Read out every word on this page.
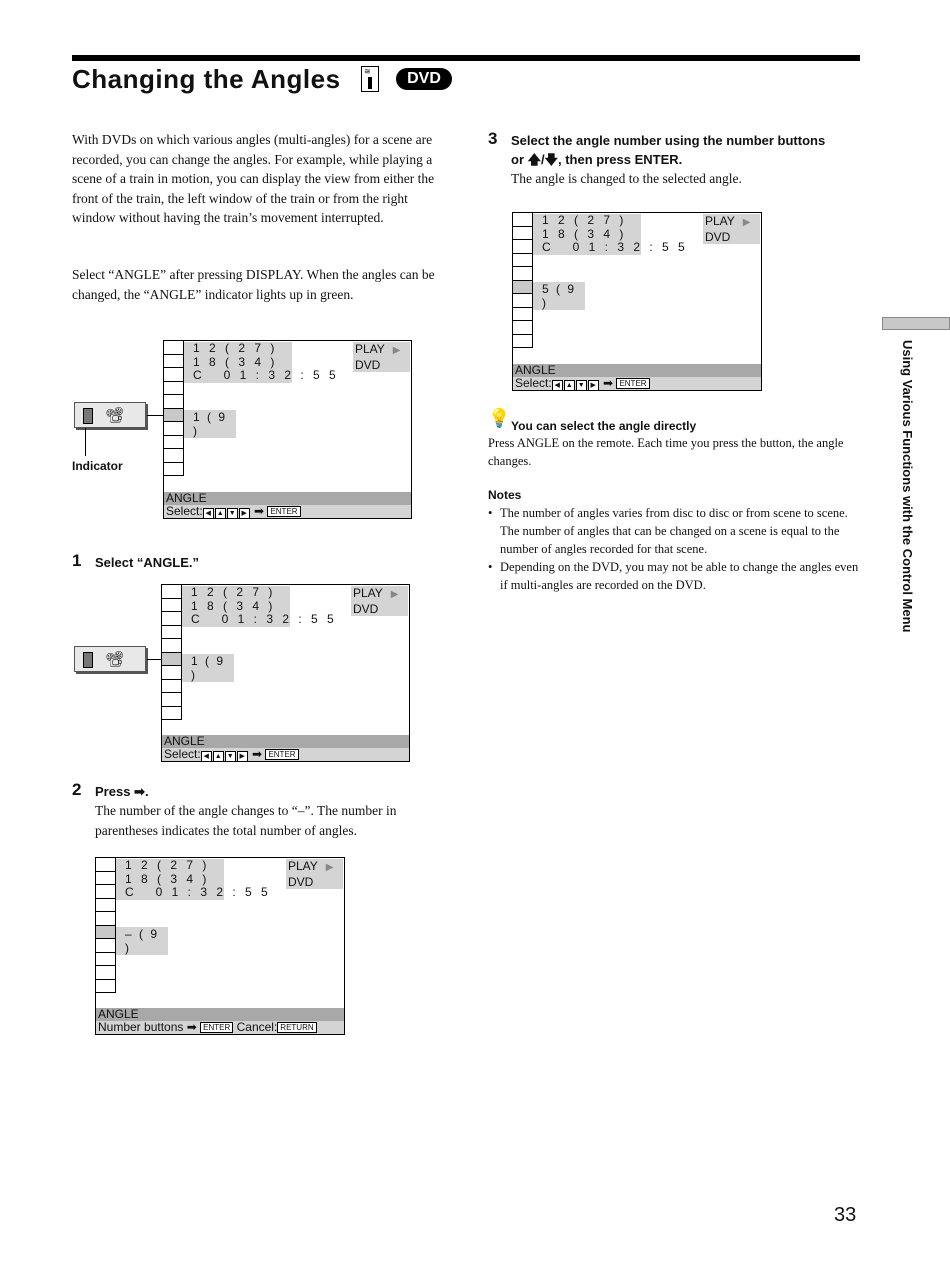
Changing the Angles	≋	DVD
With DVDs on which various angles (multi-angles) for a scene are recorded, you can change the angles. For example, while playing a scene of a train in motion, you can display the view from either the front of the train, the left window of the train or from the right window without having the train’s movement interrupted.
Select “ANGLE” after pressing DISPLAY. When the angles can be changed, the “ANGLE” indicator lights up in green.
📽
Indicator
1 2 ( 2 7 )
1 8 ( 3 4 )
C   0 1 : 3 2 : 5 5
PLAY ▶
DVD
1 ( 9 )
ANGLE
Select: ◀ ▲ ▼ ▶ ➡ ENTER
1 Select “ANGLE.”
📽
1 2 ( 2 7 )
1 8 ( 3 4 )
C   0 1 : 3 2 : 5 5
PLAY ▶
DVD
1 ( 9 )
ANGLE
Select: ◀ ▲ ▼ ▶ ➡ ENTER
2 Press ➡.
The number of the angle changes to “–”. The number in parentheses indicates the total number of angles.
1 2 ( 2 7 )
1 8 ( 3 4 )
C   0 1 : 3 2 : 5 5
PLAY ▶
DVD
– ( 9 )
ANGLE
Number buttons ➡ ENTER Cancel: RETURN
3 Select the angle number using the number buttons
or 🡅/🡇, then press ENTER.
The angle is changed to the selected angle.
1 2 ( 2 7 )
1 8 ( 3 4 )
C   0 1 : 3 2 : 5 5
PLAY ▶
DVD
5 ( 9 )
ANGLE
Select: ◀ ▲ ▼ ▶ ➡ ENTER
💡 You can select the angle directly
Press ANGLE on the remote. Each time you press the button, the angle changes.
Notes
• The number of angles varies from disc to disc or from scene to scene. The number of angles that can be changed on a scene is equal to the number of angles recorded for that scene.
• Depending on the DVD, you may not be able to change the angles even if multi-angles are recorded on the DVD.	Using Various Functions with the Control Menu
33
